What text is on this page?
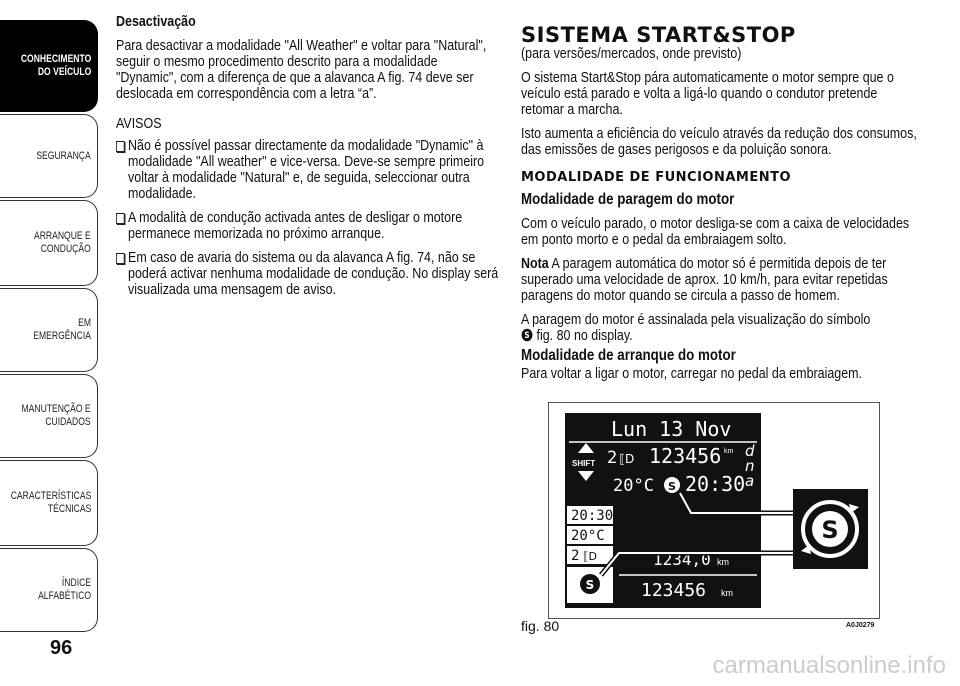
CONHECIMENTO
DO VEÍCULO
SEGURANÇA
ARRANQUE E
CONDUÇÃO
EM EMERGÊNCIA
MANUTENÇÃO E
CUIDADOS
CARACTERÍSTICAS
TÉCNICAS
ÍNDICE ALFABÉTICO
96
Desactivação

Para desactivar a modalidade "All Weather" e voltar para "Natural", seguir o mesmo procedimento descrito para a modalidade "Dynamic", com a diferença de que a alavanca A fig. 74 deve ser deslocada em correspondência com a letra “a”.

AVISOS

Não é possível passar directamente da modalidade "Dynamic" à modalidade "All weather" e vice-versa. Deve-se sempre primeiro voltar à modalidade "Natural" e, de seguida, seleccionar outra modalidade.
A modalità de condução activada antes de desligar o motore permanece memorizada no próximo arranque.
Em caso de avaria do sistema ou da alavanca A fig. 74, não se poderá activar nenhuma modalidade de condução. No display será visualizada uma mensagem de aviso.
SISTEMA START&STOP

(para versões/mercados, onde previsto)

O sistema Start&Stop pára automaticamente o motor sempre que o veículo está parado e volta a ligá-lo quando o condutor pretende retomar a marcha.

Isto aumenta a eficiência do veículo através da redução dos consumos, das emissões de gases perigosos e da poluição sonora.

MODALIDADE DE FUNCIONAMENTO
Modalidade de paragem do motor

Com o veículo parado, o motor desliga-se com a caixa de velocidades em ponto morto e o pedal da embraiagem solto.

Nota A paragem automática do motor só é permitida depois de ter superado uma velocidade de aprox. 10 km/h, para evitar repetidas paragens do motor quando se circula a passo de homem.

A paragem do motor é assinalada pela visualização do símbolo

S fig. 80 no display.

Modalidade de arranque do motor

Para voltar a ligar o motor, carregar no pedal da embraiagem.

Lun 13 Nov
SHIFT 2 ⟦D 123456 km d
n
a
20°C S 20:30
20:30
20°C
2 ⟦D
S
1234,0 km
123456 km
S
fig. 80	A0J0279
carmanualsonline.info
